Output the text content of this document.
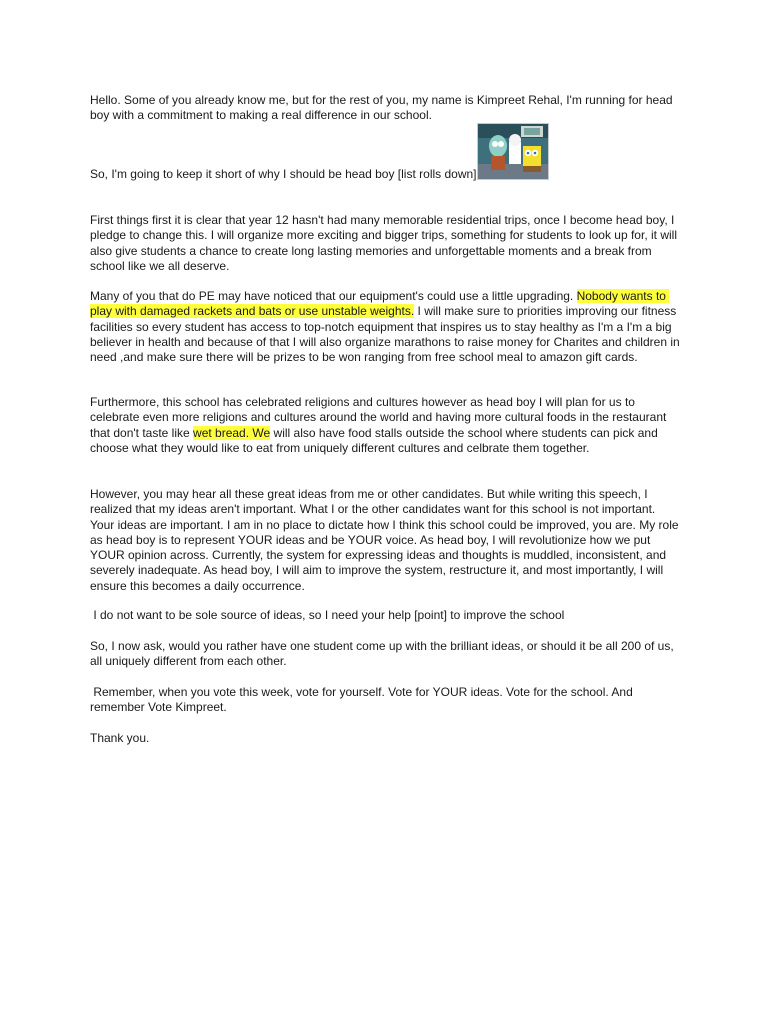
Hello. Some of you already know me, but for the rest of you, my name is Kimpreet Rehal, I'm running for head boy with a commitment to making a real difference in our school.

So, I'm going to keep it short of why I should be head boy [list rolls down]

First things first it is clear that year 12 hasn't had many memorable residential trips, once I become head boy, I pledge to change this. I will organize more exciting and bigger trips, something for students to look up for, it will also give students a chance to create long lasting memories and unforgettable moments and a break from school like we all deserve.

Many of you that do PE may have noticed that our equipment's could use a little upgrading. Nobody wants to play with damaged rackets and bats or use unstable weights. I will make sure to priorities improving our fitness facilities so every student has access to top-notch equipment that inspires us to stay healthy as I'm a I'm a big believer in health and because of that I will also organize marathons to raise money for Charites and children in need ,and make sure there will be prizes to be won ranging from free school meal to amazon gift cards.

Furthermore, this school has celebrated religions and cultures however as head boy I will plan for us to celebrate even more religions and cultures around the world and having more cultural foods in the restaurant that don't taste like wet bread. We will also have food stalls outside the school where students can pick and choose what they would like to eat from uniquely different cultures and celbrate them together.

However, you may hear all these great ideas from me or other candidates. But while writing this speech, I realized that my ideas aren't important. What I or the other candidates want for this school is not important. Your ideas are important. I am in no place to dictate how I think this school could be improved, you are. My role as head boy is to represent YOUR ideas and be YOUR voice. As head boy, I will revolutionize how we put YOUR opinion across. Currently, the system for expressing ideas and thoughts is muddled, inconsistent, and severely inadequate. As head boy, I will aim to improve the system, restructure it, and most importantly, I will ensure this becomes a daily occurrence.

I do not want to be sole source of ideas, so I need your help [point] to improve the school

So, I now ask, would you rather have one student come up with the brilliant ideas, or should it be all 200 of us, all uniquely different from each other.

Remember, when you vote this week, vote for yourself. Vote for YOUR ideas. Vote for the school. And remember Vote Kimpreet.

Thank you.
